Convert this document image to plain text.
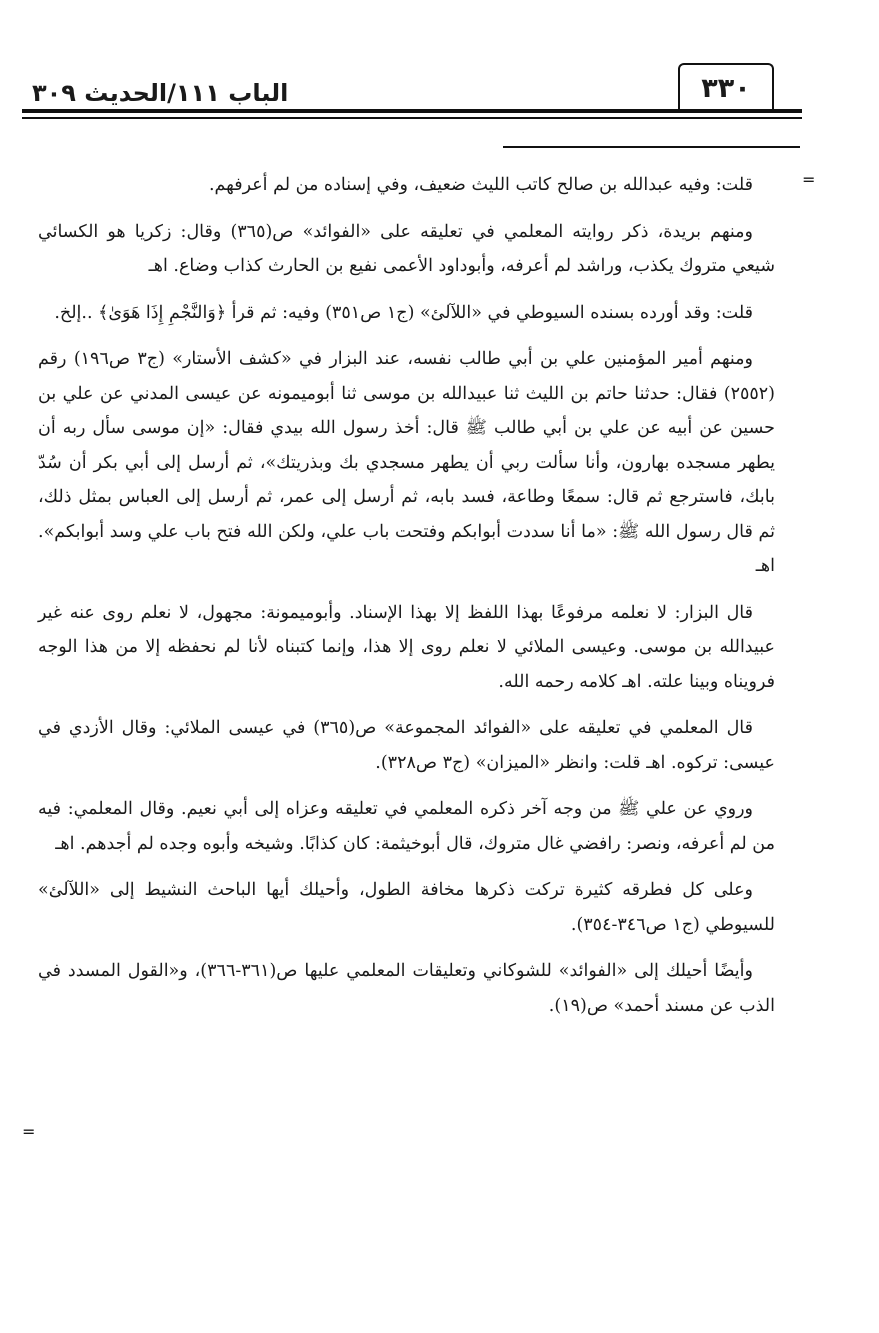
الباب ١١١/الحديث ٣٠٩	٣٣٠
=
=

قلت: وفيه عبدالله بن صالح كاتب الليث ضعيف، وفي إسناده من لم أعرفهم.

ومنهم بريدة، ذكر روايته المعلمي في تعليقه على «الفوائد» ص(٣٦٥) وقال: زكريا هو الكسائي شيعي متروك يكذب، وراشد لم أعرفه، وأبوداود الأعمى نفيع بن الحارث كذاب وضاع. اهـ

قلت: وقد أورده بسنده السيوطي في «اللآلئ» (ج١ ص٣٥١) وفيه: ثم قرأ ﴿وَالنَّجْمِ إِذَا هَوَىٰ﴾ ..إلخ.

ومنهم أمير المؤمنين علي بن أبي طالب نفسه، عند البزار في «كشف الأستار» (ج٣ ص١٩٦) رقم (٢٥٥٢) فقال: حدثنا حاتم بن الليث ثنا عبيدالله بن موسى ثنا أبوميمونه عن عيسى المدني عن علي بن حسين عن أبيه عن علي بن أبي طالب ﷺ قال: أخذ رسول الله بيدي فقال: «إن موسى سأل ربه أن يطهر مسجده بهارون، وأنا سألت ربي أن يطهر مسجدي بك وبذريتك»، ثم أرسل إلى أبي بكر أن سُدّ بابك، فاسترجع ثم قال: سمعًا وطاعة، فسد بابه، ثم أرسل إلى عمر، ثم أرسل إلى العباس بمثل ذلك، ثم قال رسول الله ﷺ: «ما أنا سددت أبوابكم وفتحت باب علي، ولكن الله فتح باب علي وسد أبوابكم». اهـ

قال البزار: لا نعلمه مرفوعًا بهذا اللفظ إلا بهذا الإسناد. وأبوميمونة: مجهول، لا نعلم روى عنه غير عبيدالله بن موسى. وعيسى الملائي لا نعلم روى إلا هذا، وإنما كتبناه لأنا لم نحفظه إلا من هذا الوجه فرويناه وبينا علته. اهـ كلامه رحمه الله.

قال المعلمي في تعليقه على «الفوائد المجموعة» ص(٣٦٥) في عيسى الملائي: وقال الأزدي في عيسى: تركوه. اهـ قلت: وانظر «الميزان» (ج٣ ص٣٢٨).

وروي عن علي ﷺ من وجه آخر ذكره المعلمي في تعليقه وعزاه إلى أبي نعيم. وقال المعلمي: فيه من لم أعرفه، ونصر: رافضي غال متروك، قال أبوخيثمة: كان كذابًا. وشيخه وأبوه وجده لم أجدهم. اهـ

وعلى كل فطرقه كثيرة تركت ذكرها مخافة الطول، وأحيلك أيها الباحث النشيط إلى «اللآلئ» للسيوطي (ج١ ص٣٤٦-٣٥٤).

وأيضًا أحيلك إلى «الفوائد» للشوكاني وتعليقات المعلمي عليها ص(٣٦١-٣٦٦)، و«القول المسدد في الذب عن مسند أحمد» ص(١٩).
